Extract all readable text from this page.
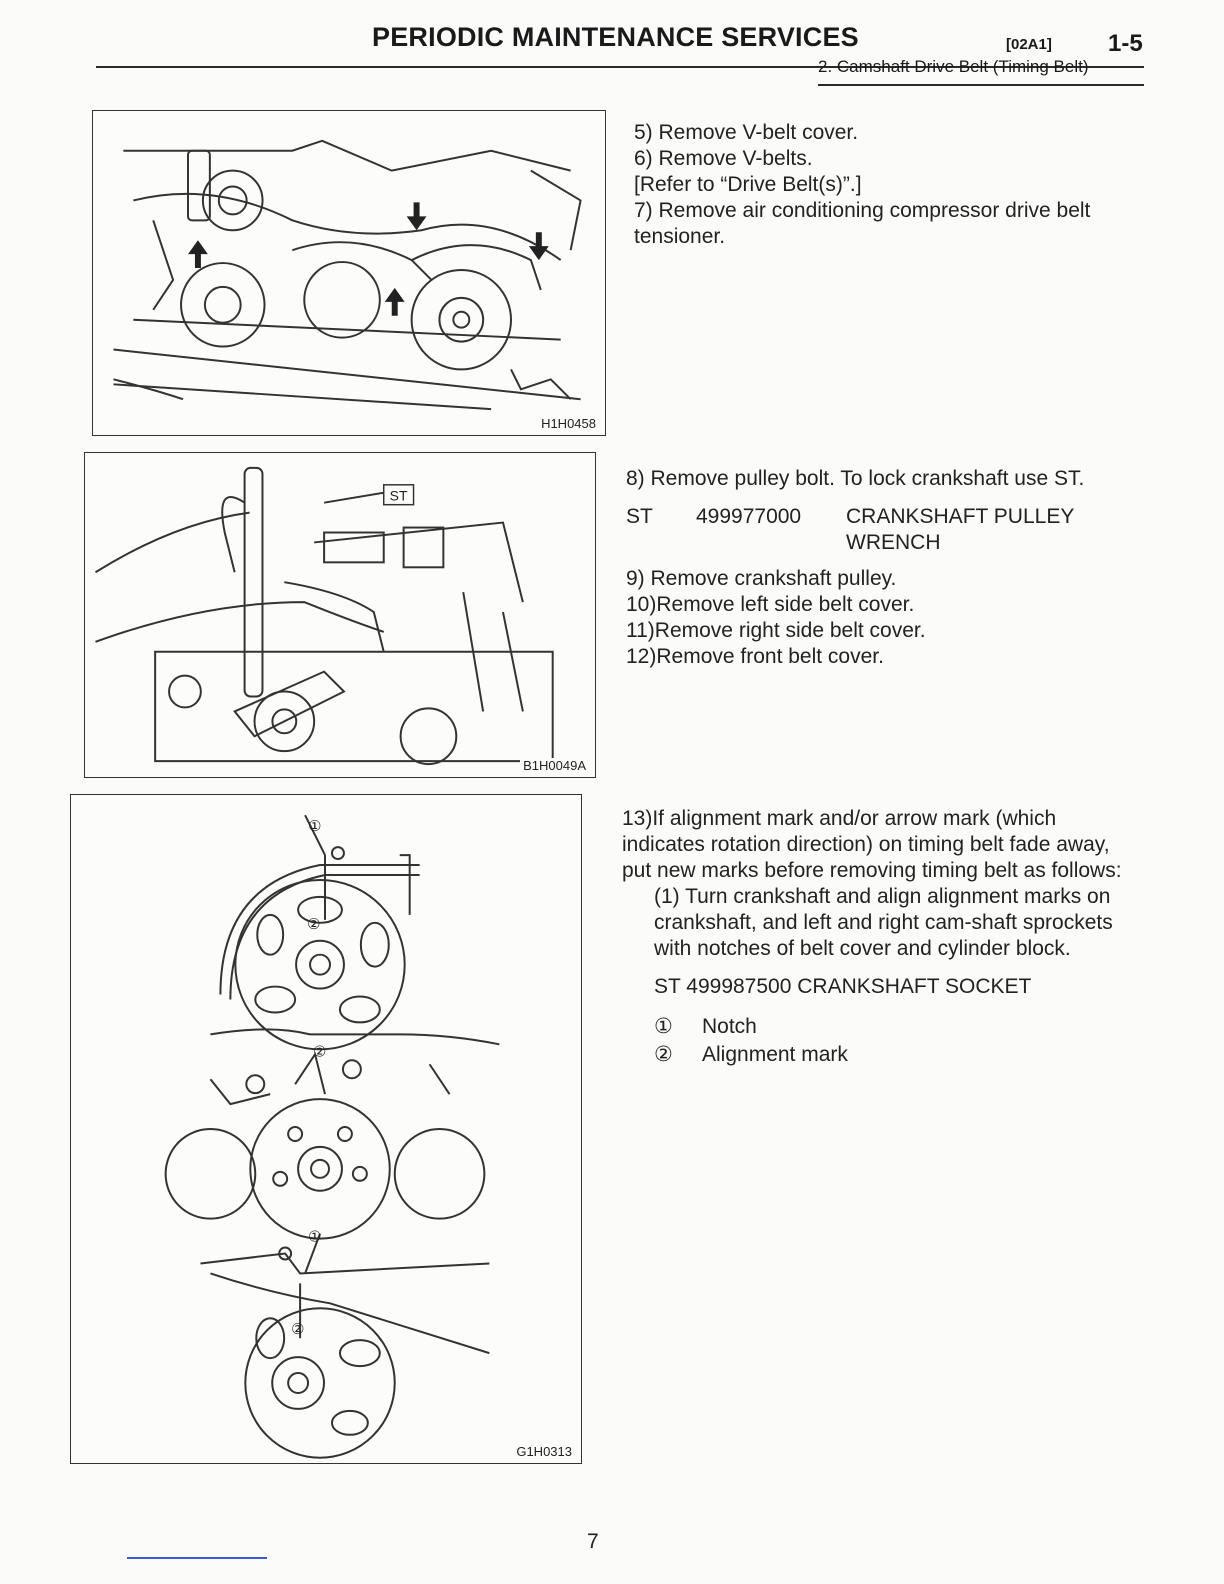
PERIODIC MAINTENANCE SERVICES	[02A1] 1-5
2. Camshaft Drive Belt (Timing Belt)
H1H0458

5) Remove V-belt cover.

6) Remove V-belts.

[Refer to “Drive Belt(s)”.]

7) Remove air conditioning compressor drive belt tensioner.

ST
B1H0049A

8) Remove pulley bolt. To lock crankshaft use ST.

ST	499977000	CRANKSHAFT PULLEY WRENCH

9) Remove crankshaft pulley.

10)Remove left side belt cover.

11)Remove right side belt cover.

12)Remove front belt cover.

①
②
②
①
②
G1H0313

13)If alignment mark and/or arrow mark (which indicates rotation direction) on timing belt fade away, put new marks before removing timing belt as follows:

(1) Turn crankshaft and align alignment marks on crankshaft, and left and right cam-shaft sprockets with notches of belt cover and cylinder block.

ST 499987500 CRANKSHAFT SOCKET

①	Notch
②	Alignment mark
7
